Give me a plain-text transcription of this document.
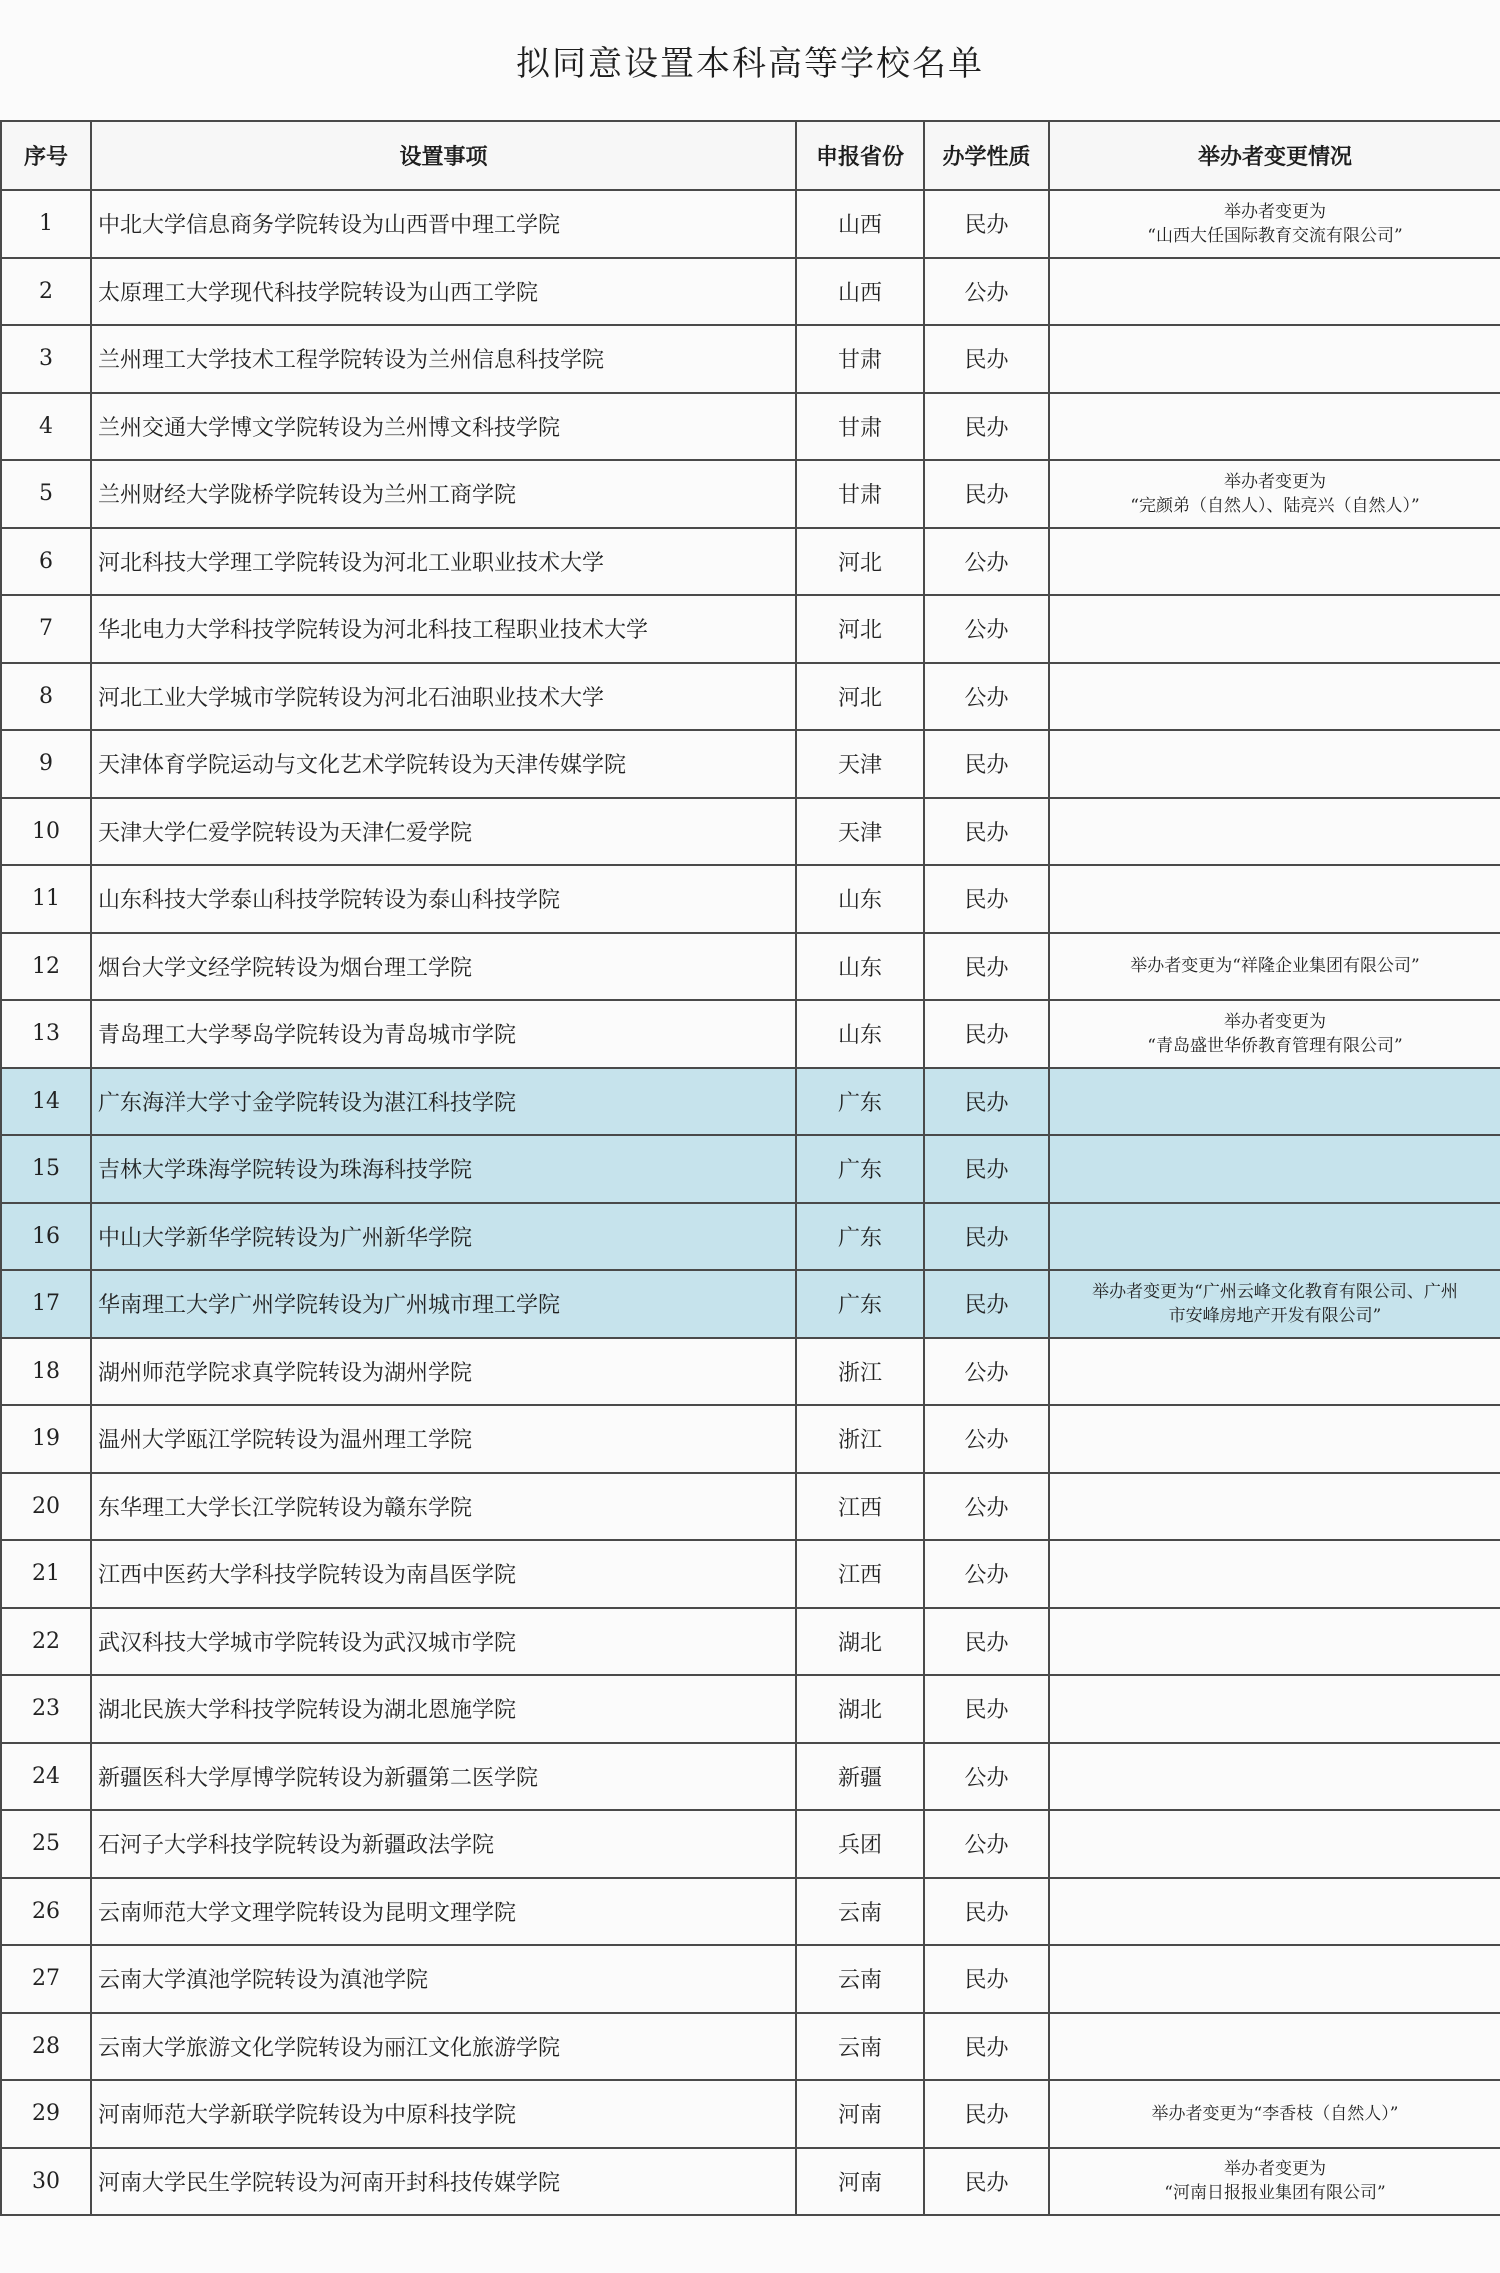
拟同意设置本科高等学校名单
序号	设置事项	申报省份	办学性质	举办者变更情况
1	中北大学信息商务学院转设为山西晋中理工学院	山西	民办	举办者变更为
“山西大任国际教育交流有限公司”

2	太原理工大学现代科技学院转设为山西工学院	山西	公办	
3	兰州理工大学技术工程学院转设为兰州信息科技学院	甘肃	民办	
4	兰州交通大学博文学院转设为兰州博文科技学院	甘肃	民办	
5	兰州财经大学陇桥学院转设为兰州工商学院	甘肃	民办	举办者变更为
“完颜弟（自然人）、陆亮兴（自然人）”

6	河北科技大学理工学院转设为河北工业职业技术大学	河北	公办	
7	华北电力大学科技学院转设为河北科技工程职业技术大学	河北	公办	
8	河北工业大学城市学院转设为河北石油职业技术大学	河北	公办	
9	天津体育学院运动与文化艺术学院转设为天津传媒学院	天津	民办	
10	天津大学仁爱学院转设为天津仁爱学院	天津	民办	
11	山东科技大学泰山科技学院转设为泰山科技学院	山东	民办	
12	烟台大学文经学院转设为烟台理工学院	山东	民办	举办者变更为“祥隆企业集团有限公司”

13	青岛理工大学琴岛学院转设为青岛城市学院	山东	民办	举办者变更为
“青岛盛世华侨教育管理有限公司”

14	广东海洋大学寸金学院转设为湛江科技学院	广东	民办	
15	吉林大学珠海学院转设为珠海科技学院	广东	民办	
16	中山大学新华学院转设为广州新华学院	广东	民办	
17	华南理工大学广州学院转设为广州城市理工学院	广东	民办	举办者变更为“广州云峰文化教育有限公司、广州
市安峰房地产开发有限公司”

18	湖州师范学院求真学院转设为湖州学院	浙江	公办	
19	温州大学瓯江学院转设为温州理工学院	浙江	公办	
20	东华理工大学长江学院转设为赣东学院	江西	公办	
21	江西中医药大学科技学院转设为南昌医学院	江西	公办	
22	武汉科技大学城市学院转设为武汉城市学院	湖北	民办	
23	湖北民族大学科技学院转设为湖北恩施学院	湖北	民办	
24	新疆医科大学厚博学院转设为新疆第二医学院	新疆	公办	
25	石河子大学科技学院转设为新疆政法学院	兵团	公办	
26	云南师范大学文理学院转设为昆明文理学院	云南	民办	
27	云南大学滇池学院转设为滇池学院	云南	民办	
28	云南大学旅游文化学院转设为丽江文化旅游学院	云南	民办	
29	河南师范大学新联学院转设为中原科技学院	河南	民办	举办者变更为“李香枝（自然人）”

30	河南大学民生学院转设为河南开封科技传媒学院	河南	民办	举办者变更为
“河南日报报业集团有限公司”
